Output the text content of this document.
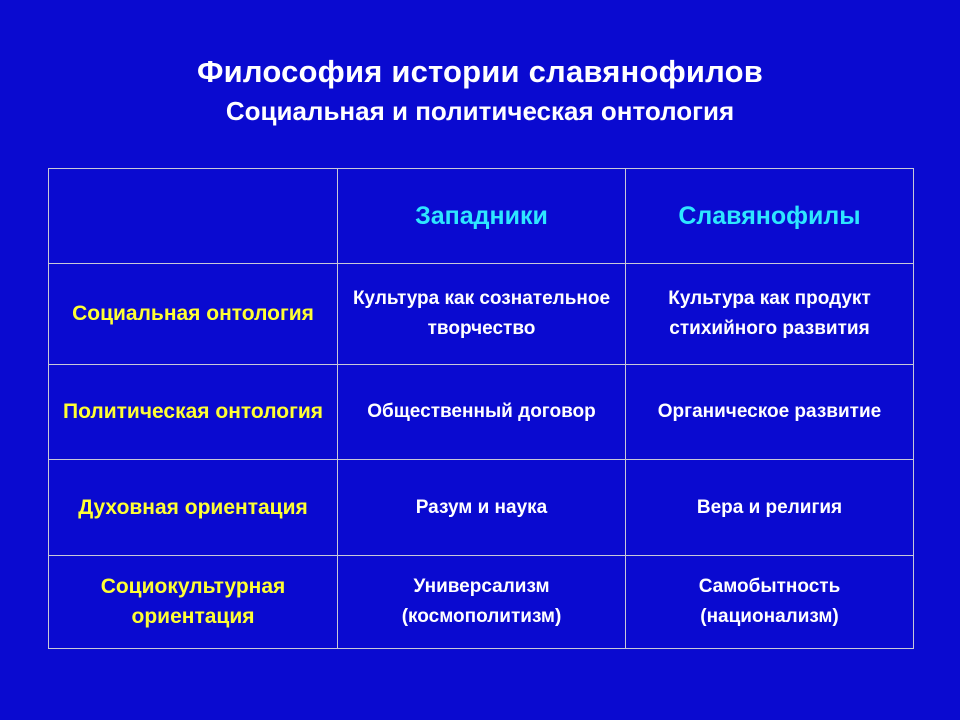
Философия истории славянофилов
Социальная и политическая онтология
	Западники	Славянофилы
Социальная онтология	Культура как сознательное творчество	Культура как продукт стихийного развития
Политическая онтология	Общественный договор	Органическое развитие
Духовная ориентация	Разум и наука	Вера и религия
Социокультурная ориентация	Универсализм (космополитизм)	Самобытность (национализм)
